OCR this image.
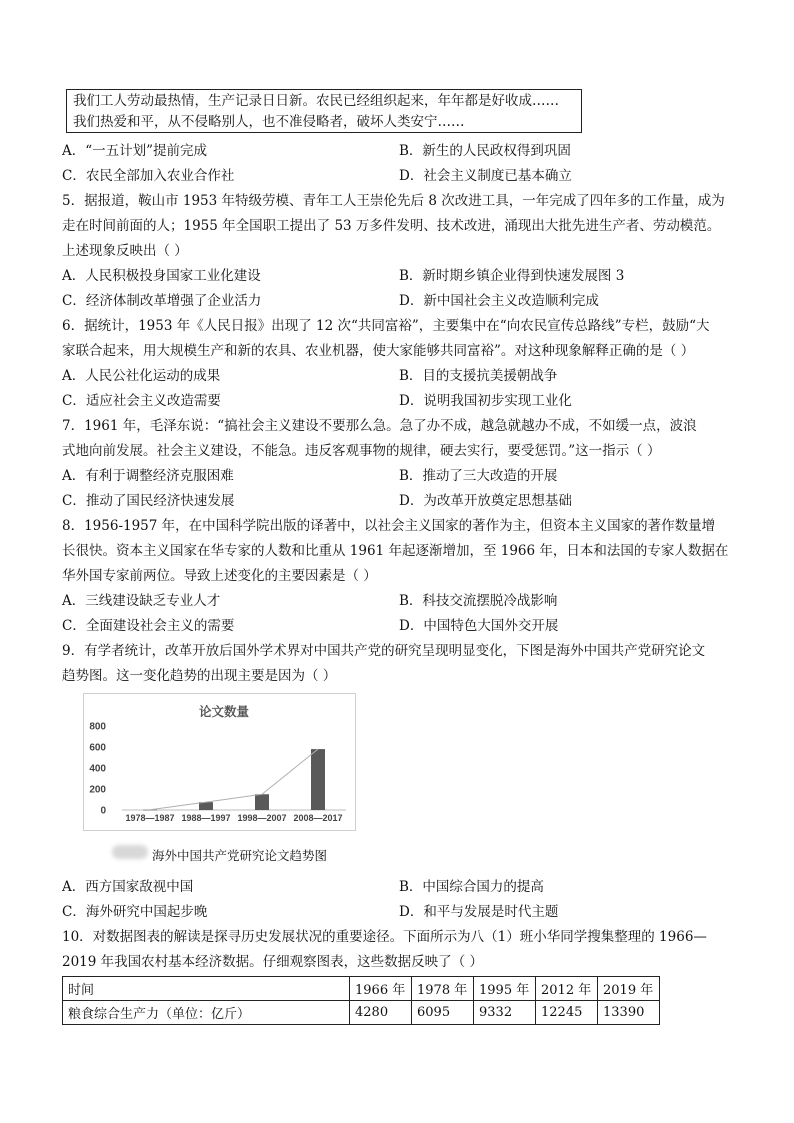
我们工人劳动最热情，生产记录日日新。农民已经组织起来，年年都是好收成……
我们热爱和平，从不侵略别人，也不准侵略者，破坏人类安宁……
A．“一五计划”提前完成	B．新生的人民政权得到巩固
C．农民全部加入农业合作社	D．社会主义制度已基本确立
5．据报道，鞍山市 1953 年特级劳模、青年工人王崇伦先后 8 次改进工具，一年完成了四年多的工作量，成为
走在时间前面的人；1955 年全国职工提出了 53 万多件发明、技术改进，涌现出大批先进生产者、劳动模范。
上述现象反映出（ ）
A．人民积极投身国家工业化建设	B．新时期乡镇企业得到快速发展图 3
C．经济体制改革增强了企业活力	D．新中国社会主义改造顺利完成
6．据统计，1953 年《人民日报》出现了 12 次“共同富裕”，主要集中在“向农民宣传总路线”专栏，鼓励“大
家联合起来，用大规模生产和新的农具、农业机器，使大家能够共同富裕”。对这种现象解释正确的是（ ）
A．人民公社化运动的成果	B．目的支援抗美援朝战争
C．适应社会主义改造需要	D．说明我国初步实现工业化
7．1961 年，毛泽东说：“搞社会主义建设不要那么急。急了办不成，越急就越办不成，不如缓一点，波浪
式地向前发展。社会主义建设，不能急。违反客观事物的规律，硬去实行，要受惩罚。”这一指示（ ）
A．有利于调整经济克服困难	B．推动了三大改造的开展
C．推动了国民经济快速发展	D．为改革开放奠定思想基础
8．1956-1957 年，在中国科学院出版的译著中，以社会主义国家的著作为主，但资本主义国家的著作数量增
长很快。资本主义国家在华专家的人数和比重从 1961 年起逐渐增加，至 1966 年，日本和法国的专家人数据在
华外国专家前两位。导致上述变化的主要因素是（ ）
A．三线建设缺乏专业人才	B．科技交流摆脱冷战影响
C．全面建设社会主义的需要	D．中国特色大国外交开展
9．有学者统计，改革开放后国外学术界对中国共产党的研究呈现明显变化，下图是海外中国共产党研究论文
趋势图。这一变化趋势的出现主要是因为（ ）
论文数量
800
600
400
200
0
1978—1987 1988—1997 1998—2007 2008—2017
海外中国共产党研究论文趋势图
A．西方国家敌视中国	B．中国综合国力的提高
C．海外研究中国起步晚	D．和平与发展是时代主题
10．对数据图表的解读是探寻历史发展状况的重要途径。下面所示为八（1）班小华同学搜集整理的 1966—
2019 年我国农村基本经济数据。仔细观察图表，这些数据反映了（ ）
时间	1966 年	1978 年	1995 年	2012 年	2019 年
粮食综合生产力（单位：亿斤）	4280	6095	9332	12245	13390
